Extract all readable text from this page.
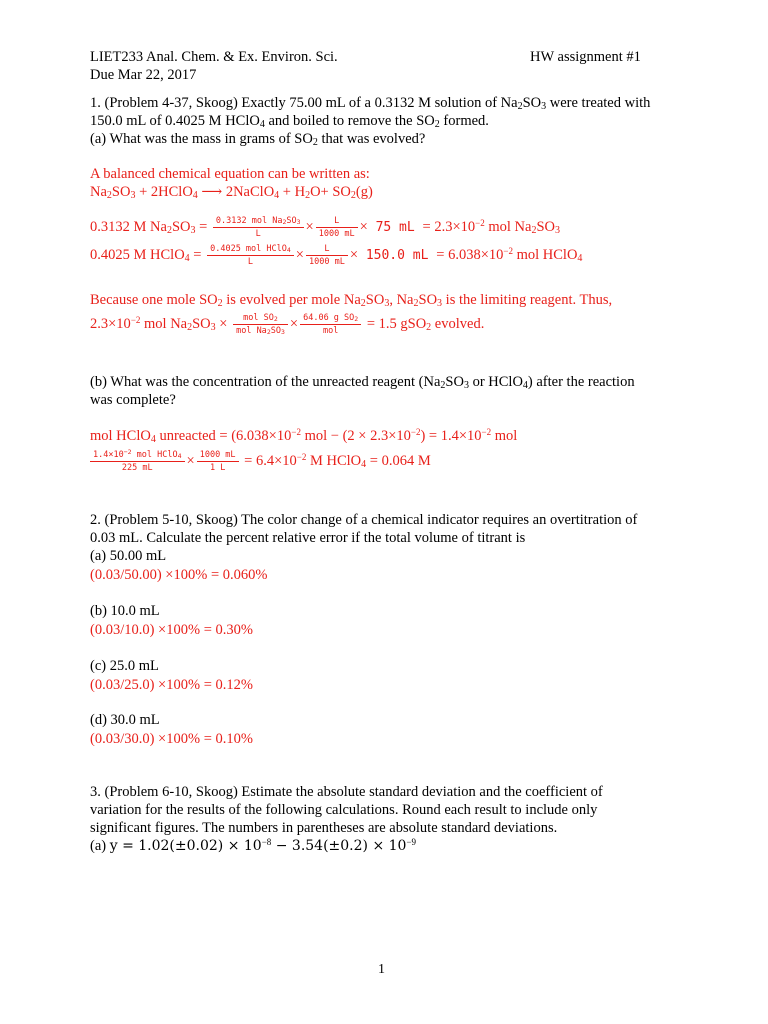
LIET233 Anal. Chem. & Ex. Environ. Sci.	HW assignment #1
Due Mar 22, 2017
1. (Problem 4-37, Skoog) Exactly 75.00 mL of a 0.3132 M solution of $Na_2SO_3$ were treated with
150.0 mL of 0.4025 M HClO$_4$ and boiled to remove the $SO_2$ formed.
(a) What was the mass in grams of $SO_2$ that was evolved?
A balanced chemical equation can be written as:
$Na_2SO_3$ + 2HClO$_4$ ⟶ 2NaClO$_4$ + $H_2O+ SO_2(g)$
0.3132 M $Na_2SO_3 = \frac{0.3132 mol Na_2SO_3}{L} \times \frac{L}{1000 mL} \times 75$ mL = $2.3\times 10^{-2}$ mol $Na_2SO_3$
0.4025 M HClO$_4$ = $\frac{0.4025 mol HClO_4}{L} \times \frac{L}{1000 mL} \times 150.0$ mL = $6.038\times 10^{-2}$ mol HClO$_4$
Because one mole $SO_2$ is evolved per mole $Na_2SO_3$, $Na_2SO_3$ is the limiting reagent. Thus,
$2.3\times 10^{-2}$ mol $Na_2SO_3 \times \frac{mol SO_2}{mol Na_2SO_3} \times \frac{64.06 g SO_2}{\text{mol}} = 1.5$ gSO$_2$ evolved.
(b) What was the concentration of the unreacted reagent ($Na_2SO_3$ or HClO$_4$) after the reaction
was complete?
mol HClO$_4$ unreacted = ($6.038\times 10^{-2}$ mol − $(2 \times 2.3\times 10^{-2}) = 1.4\times 10^{-2}$ mol
$\frac{1.4\times 10^{-2} mol HClO_4}{225 mL} \times \frac{1000 mL}{1 L} = 6.4\times 10^{-2}$ M HClO$_4$ = 0.064 M
2. (Problem 5-10, Skoog) The color change of a chemical indicator requires an overtitration of
0.03 mL. Calculate the percent relative error if the total volume of titrant is
(a) 50.00 mL
(0.03/50.00) ×100% = 0.060%
(b) 10.0 mL
(0.03/10.0) ×100% = 0.30%
(c) 25.0 mL
(0.03/25.0) ×100% = 0.12%
(d) 30.0 mL
(0.03/30.0) ×100% = 0.10%
3. (Problem 6-10, Skoog) Estimate the absolute standard deviation and the coefficient of
variation for the results of the following calculations. Round each result to include only
significant figures. The numbers in parentheses are absolute standard deviations.
(a) $y = 1.02(\pm 0.02) \times 10^{-8} - 3.54(\pm 0.2) \times 10^{-9}$
1
